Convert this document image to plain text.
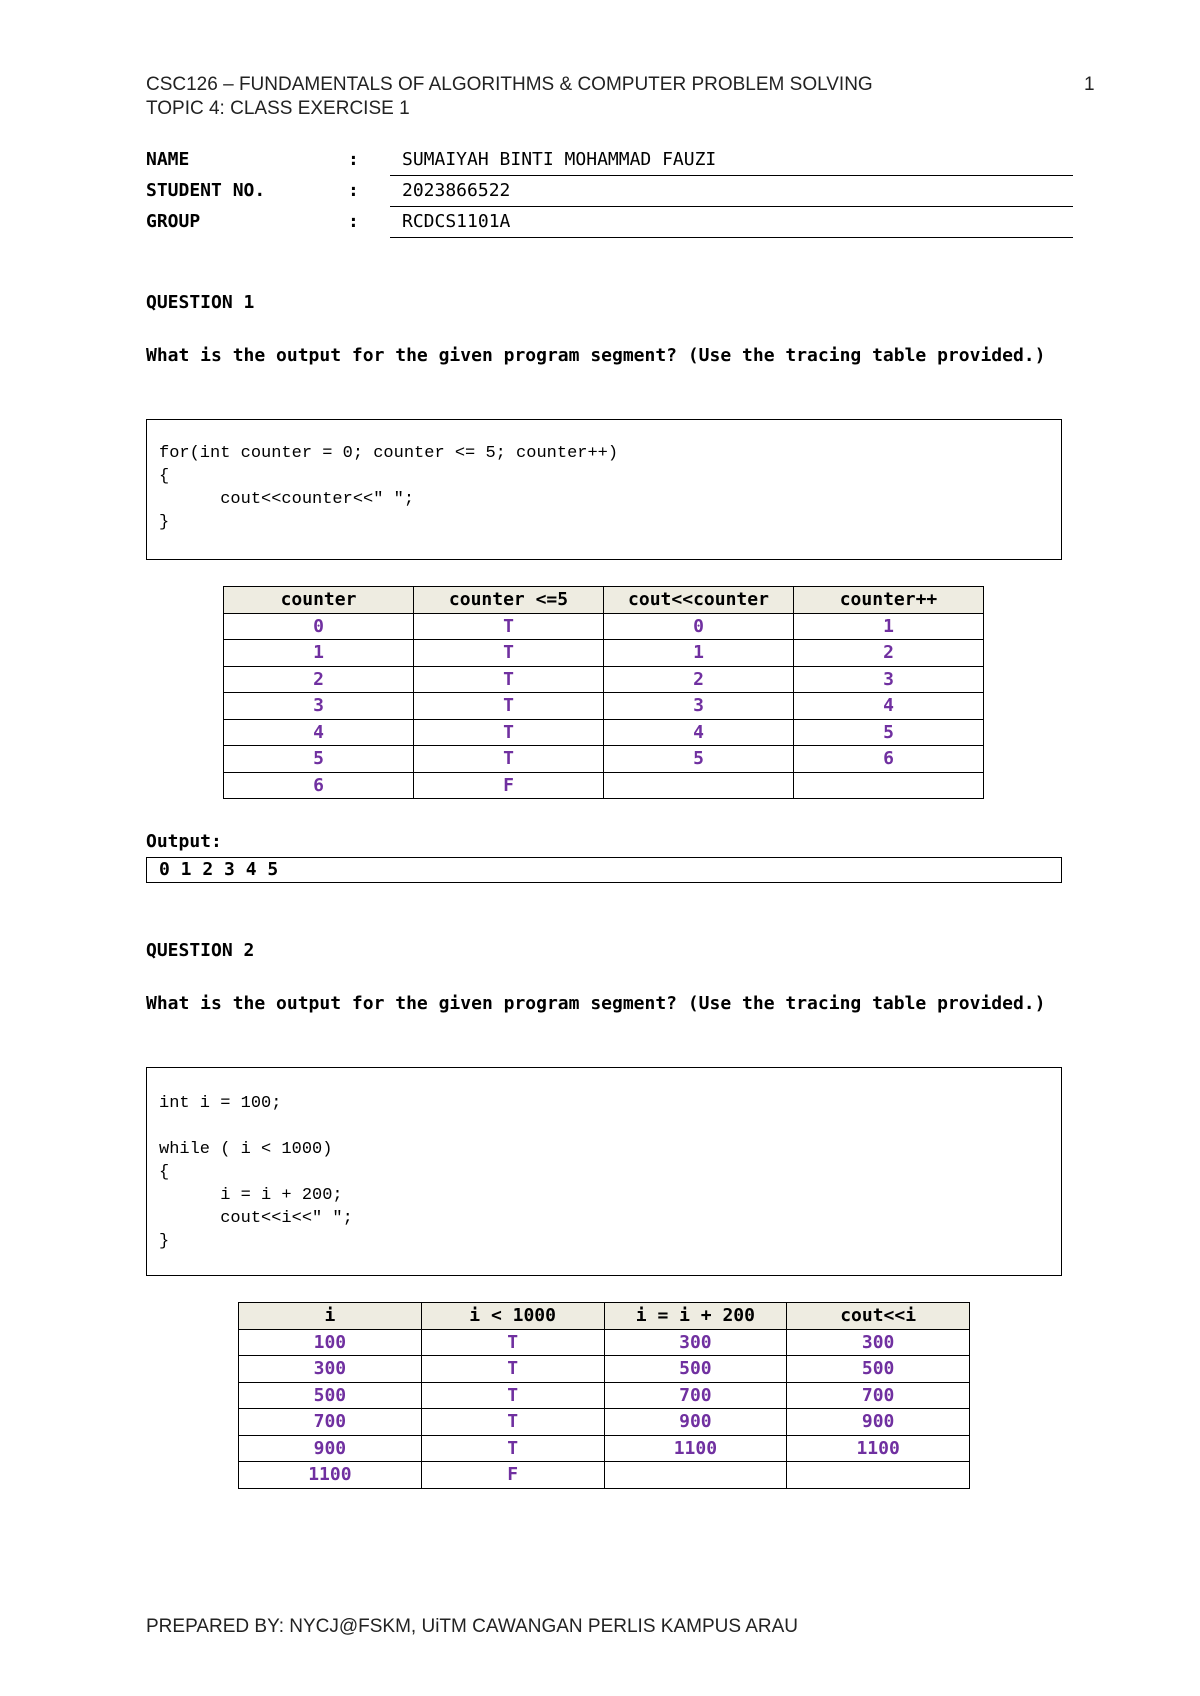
CSC126 – FUNDAMENTALS OF ALGORITHMS & COMPUTER PROBLEM SOLVING	1
TOPIC 4: CLASS EXERCISE 1
NAME	: SUMAIYAH BINTI MOHAMMAD FAUZI
STUDENT NO.	: 2023866522
GROUP	: RCDCS1101A
QUESTION 1
What is the output for the given program segment? (Use the tracing table provided.)
for(int counter = 0; counter <= 5; counter++)
{
cout<<counter<<" ";
}
counter	counter <=5	cout<<counter	counter++
0	T	0	1
1	T	1	2
2	T	2	3
3	T	3	4
4	T	4	5
5	T	5	6
6	F		
Output:
0 1 2 3 4 5
QUESTION 2
What is the output for the given program segment? (Use the tracing table provided.)
int i = 100;

while ( i < 1000)
{
i = i + 200;
cout<<i<<" ";
}
i	i < 1000	i = i + 200	cout<<i
100	T	300	300
300	T	500	500
500	T	700	700
700	T	900	900
900	T	1100	1100
1100	F		
PREPARED BY: NYCJ@FSKM, UiTM CAWANGAN PERLIS KAMPUS ARAU
